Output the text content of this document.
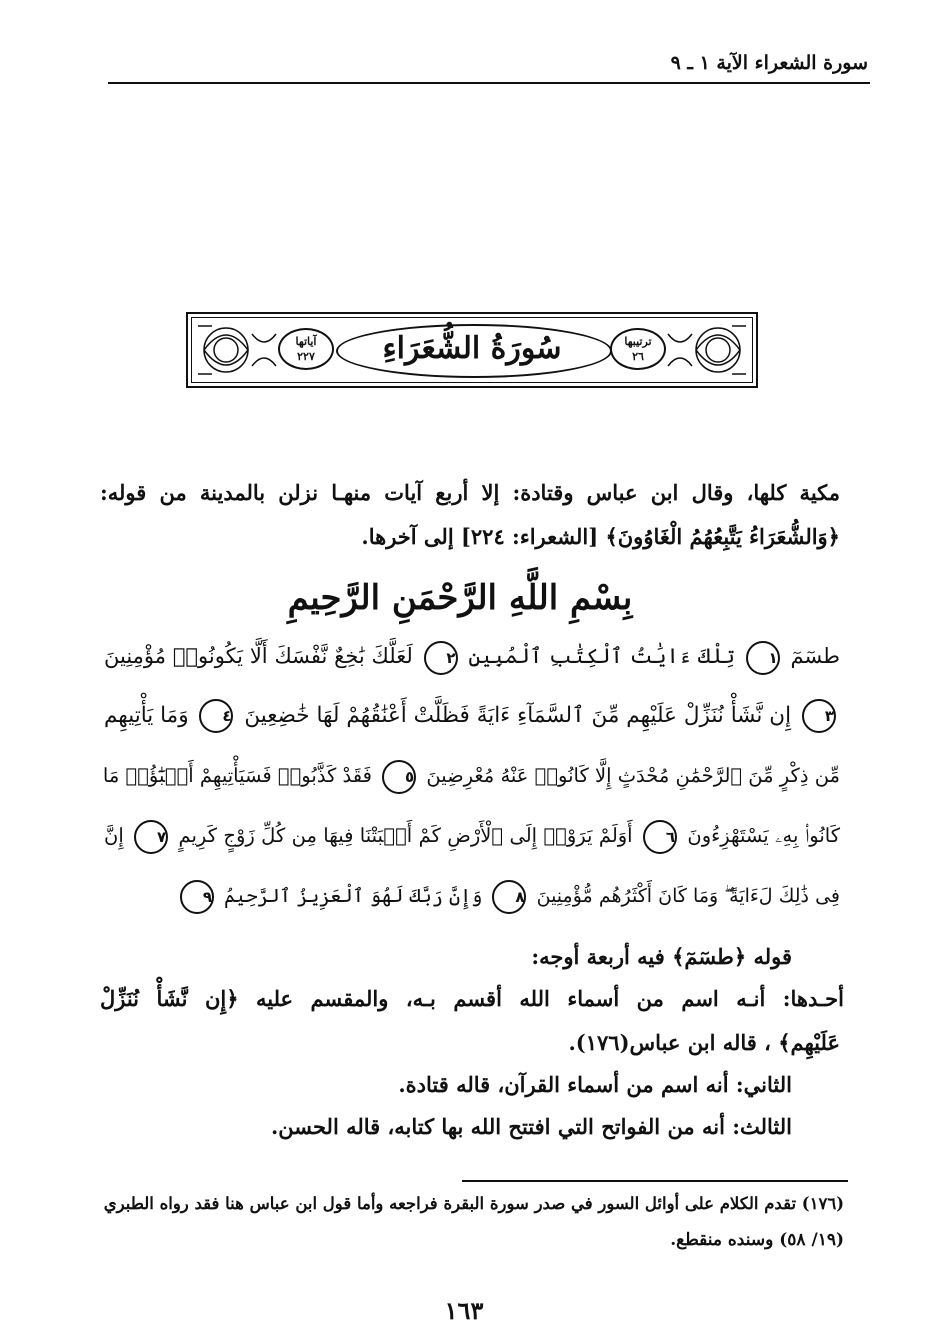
سورة الشعراء الآية ١ ـ ٩
آياتها
٢٢٧	سُورَةُ الشُّعَرَاءِ	ترتيبها
٢٦
مكية كلها، وقال ابن عباس وقتادة: إلا أربع آيات منهـا نزلن بالمدينة من قوله:
﴿وَالشُّعَرَاءُ يَتَّبِعُهُمُ الْغَاوُونَ﴾ [الشعراء: ٢٢٤] إلى آخرها.
بِسْمِ اللَّهِ الرَّحْمَنِ الرَّحِيمِ
طسٓمٓ ١ تِلْكَ ءَايَٰتُ ٱلْكِتَٰبِ ٱلْمُبِينِ ٢ لَعَلَّكَ بَٰخِعٌ نَّفْسَكَ أَلَّا يَكُونُوا۟ مُؤْمِنِينَ
٣ إِن نَّشَأْ نُنَزِّلْ عَلَيْهِم مِّنَ ٱلسَّمَآءِ ءَايَةً فَظَلَّتْ أَعْنَٰقُهُمْ لَهَا خَٰضِعِينَ ٤ وَمَا يَأْتِيهِم
مِّن ذِكْرٍ مِّنَ ٱلرَّحْمَٰنِ مُحْدَثٍ إِلَّا كَانُوا۟ عَنْهُ مُعْرِضِينَ ٥ فَقَدْ كَذَّبُوا۟ فَسَيَأْتِيهِمْ أَنۢبَٰٓؤُا۟ مَا
كَانُوا۟ بِهِۦ يَسْتَهْزِءُونَ ٦ أَوَلَمْ يَرَوْا۟ إِلَى ٱلْأَرْضِ كَمْ أَنۢبَتْنَا فِيهَا مِن كُلِّ زَوْجٍ كَرِيمٍ ٧ إِنَّ
فِى ذَٰلِكَ لَءَايَةً ۖ وَمَا كَانَ أَكْثَرُهُم مُّؤْمِنِينَ ٨ وَإِنَّ رَبَّكَ لَهُوَ ٱلْعَزِيزُ ٱلرَّحِيمُ ٩
قوله ﴿طسٓمٓ﴾ فيه أربعة أوجه:
أحـدها: أنـه اسم من أسماء الله أقسم بـه، والمقسم عليه ﴿إِن نَّشَأْ نُنَزِّلْ
عَلَيْهِم﴾ ، قاله ابن عباس(١٧٦).
الثاني: أنه اسم من أسماء القرآن، قاله قتادة.
الثالث: أنه من الفواتح التي افتتح الله بها كتابه، قاله الحسن.
(١٧٦) تقدم الكلام على أوائل السور في صدر سورة البقرة فراجعه وأما قول ابن عباس هنا فقد رواه الطبري
(١٩/ ٥٨) وسنده منقطع.
١٦٣
